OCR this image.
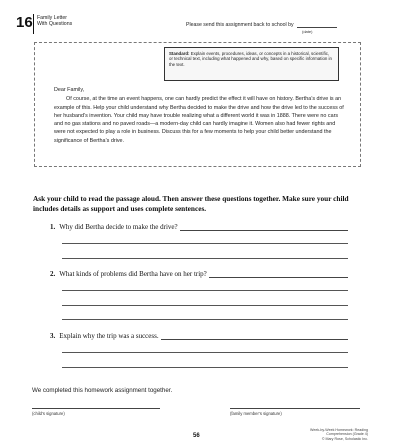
16 Family Letter
With Questions	Please send this assignment back to school by
(date)
Standard: Explain events, procedures, ideas, or concepts in a historical, scientific, or technical text, including what happened and why, based on specific information in the text.

Dear Family,

Of course, at the time an event happens, one can hardly predict the effect it will have on history. Bertha’s drive is an example of this. Help your child understand why Bertha decided to make the drive and how the drive led to the success of her husband’s invention. Your child may have trouble realizing what a different world it was in 1888. There were no cars and no gas stations and no paved roads—a modern-day child can hardly imagine it. Women also had fewer rights and were not expected to play a role in business. Discuss this for a few moments to help your child better understand the significance of Bertha’s drive.

Ask your child to read the passage aloud. Then answer these questions together. Make sure your child includes details as support and uses complete sentences.
1. Why did Bertha decide to make the drive?
2. What kinds of problems did Bertha have on her trip?
3. Explain why the trip was a success.
We completed this homework assignment together.
(child’s signature)	(family member’s signature)
56
Week-by-Week Homework: Reading Comprehension (Grade 4)
© Mary Rose, Scholastic Inc.
